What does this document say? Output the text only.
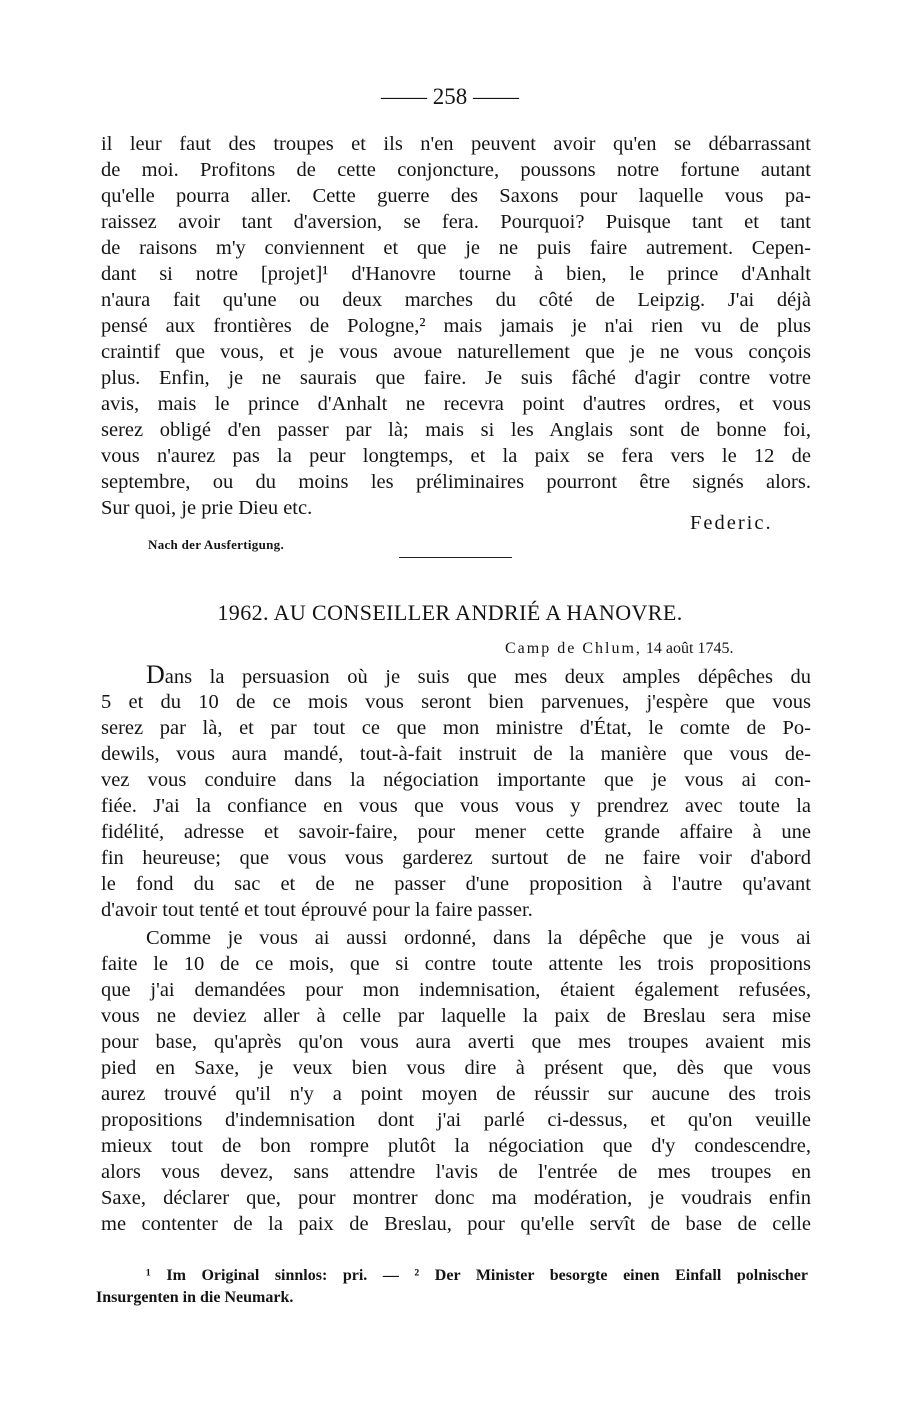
—— 258 ——
il leur faut des troupes et ils n'en peuvent avoir qu'en se débarrassant
de moi. Profitons de cette conjoncture, poussons notre fortune autant
qu'elle pourra aller. Cette guerre des Saxons pour laquelle vous pa-
raissez avoir tant d'aversion, se fera. Pourquoi? Puisque tant et tant
de raisons m'y conviennent et que je ne puis faire autrement. Cepen-
dant si notre [projet]¹ d'Hanovre tourne à bien, le prince d'Anhalt
n'aura fait qu'une ou deux marches du côté de Leipzig. J'ai déjà
pensé aux frontières de Pologne,² mais jamais je n'ai rien vu de plus
craintif que vous, et je vous avoue naturellement que je ne vous conçois
plus. Enfin, je ne saurais que faire. Je suis fâché d'agir contre votre
avis, mais le prince d'Anhalt ne recevra point d'autres ordres, et vous
serez obligé d'en passer par là; mais si les Anglais sont de bonne foi,
vous n'aurez pas la peur longtemps, et la paix se fera vers le 12 de
septembre, ou du moins les préliminaires pourront être signés alors.
Sur quoi, je prie Dieu etc.
Federic.
Nach der Ausfertigung.
1962. AU CONSEILLER ANDRIÉ A HANOVRE.
Camp de Chlum, 14 août 1745.
Dans la persuasion où je suis que mes deux amples dépêches du
5 et du 10 de ce mois vous seront bien parvenues, j'espère que vous
serez par là, et par tout ce que mon ministre d'État, le comte de Po-
dewils, vous aura mandé, tout-à-fait instruit de la manière que vous de-
vez vous conduire dans la négociation importante que je vous ai con-
fiée. J'ai la confiance en vous que vous vous y prendrez avec toute la
fidélité, adresse et savoir-faire, pour mener cette grande affaire à une
fin heureuse; que vous vous garderez surtout de ne faire voir d'abord
le fond du sac et de ne passer d'une proposition à l'autre qu'avant
d'avoir tout tenté et tout éprouvé pour la faire passer.
Comme je vous ai aussi ordonné, dans la dépêche que je vous ai
faite le 10 de ce mois, que si contre toute attente les trois propositions
que j'ai demandées pour mon indemnisation, étaient également refusées,
vous ne deviez aller à celle par laquelle la paix de Breslau sera mise
pour base, qu'après qu'on vous aura averti que mes troupes avaient mis
pied en Saxe, je veux bien vous dire à présent que, dès que vous
aurez trouvé qu'il n'y a point moyen de réussir sur aucune des trois
propositions d'indemnisation dont j'ai parlé ci-dessus, et qu'on veuille
mieux tout de bon rompre plutôt la négociation que d'y condescendre,
alors vous devez, sans attendre l'avis de l'entrée de mes troupes en
Saxe, déclarer que, pour montrer donc ma modération, je voudrais enfin
me contenter de la paix de Breslau, pour qu'elle servît de base de celle
¹ Im Original sinnlos: pri. — ² Der Minister besorgte einen Einfall polnischer
Insurgenten in die Neumark.
